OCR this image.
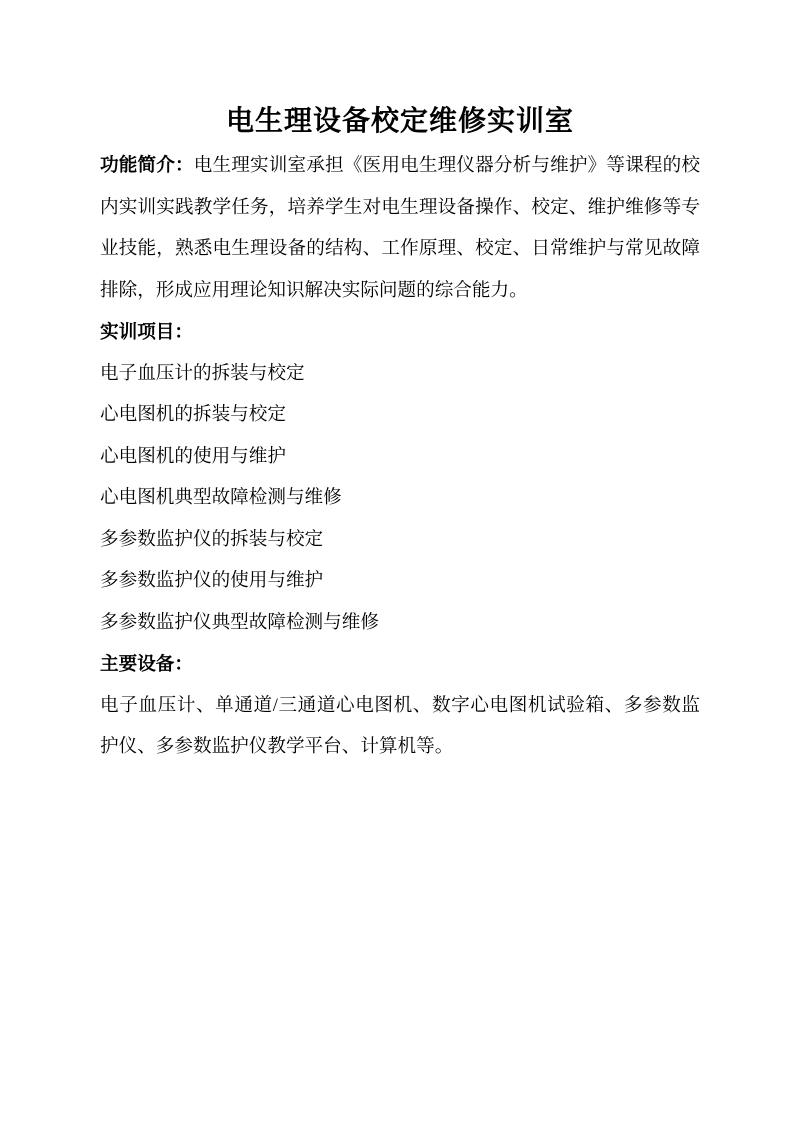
电生理设备校定维修实训室

功能简介：电生理实训室承担《医用电生理仪器分析与维护》等课程的校内实训实践教学任务，培养学生对电生理设备操作、校定、维护维修等专业技能，熟悉电生理设备的结构、工作原理、校定、日常维护与常见故障排除，形成应用理论知识解决实际问题的综合能力。

实训项目：

电子血压计的拆装与校定

心电图机的拆装与校定

心电图机的使用与维护

心电图机典型故障检测与维修

多参数监护仪的拆装与校定

多参数监护仪的使用与维护

多参数监护仪典型故障检测与维修

主要设备：

电子血压计、单通道/三通道心电图机、数字心电图机试验箱、多参数监护仪、多参数监护仪教学平台、计算机等。
